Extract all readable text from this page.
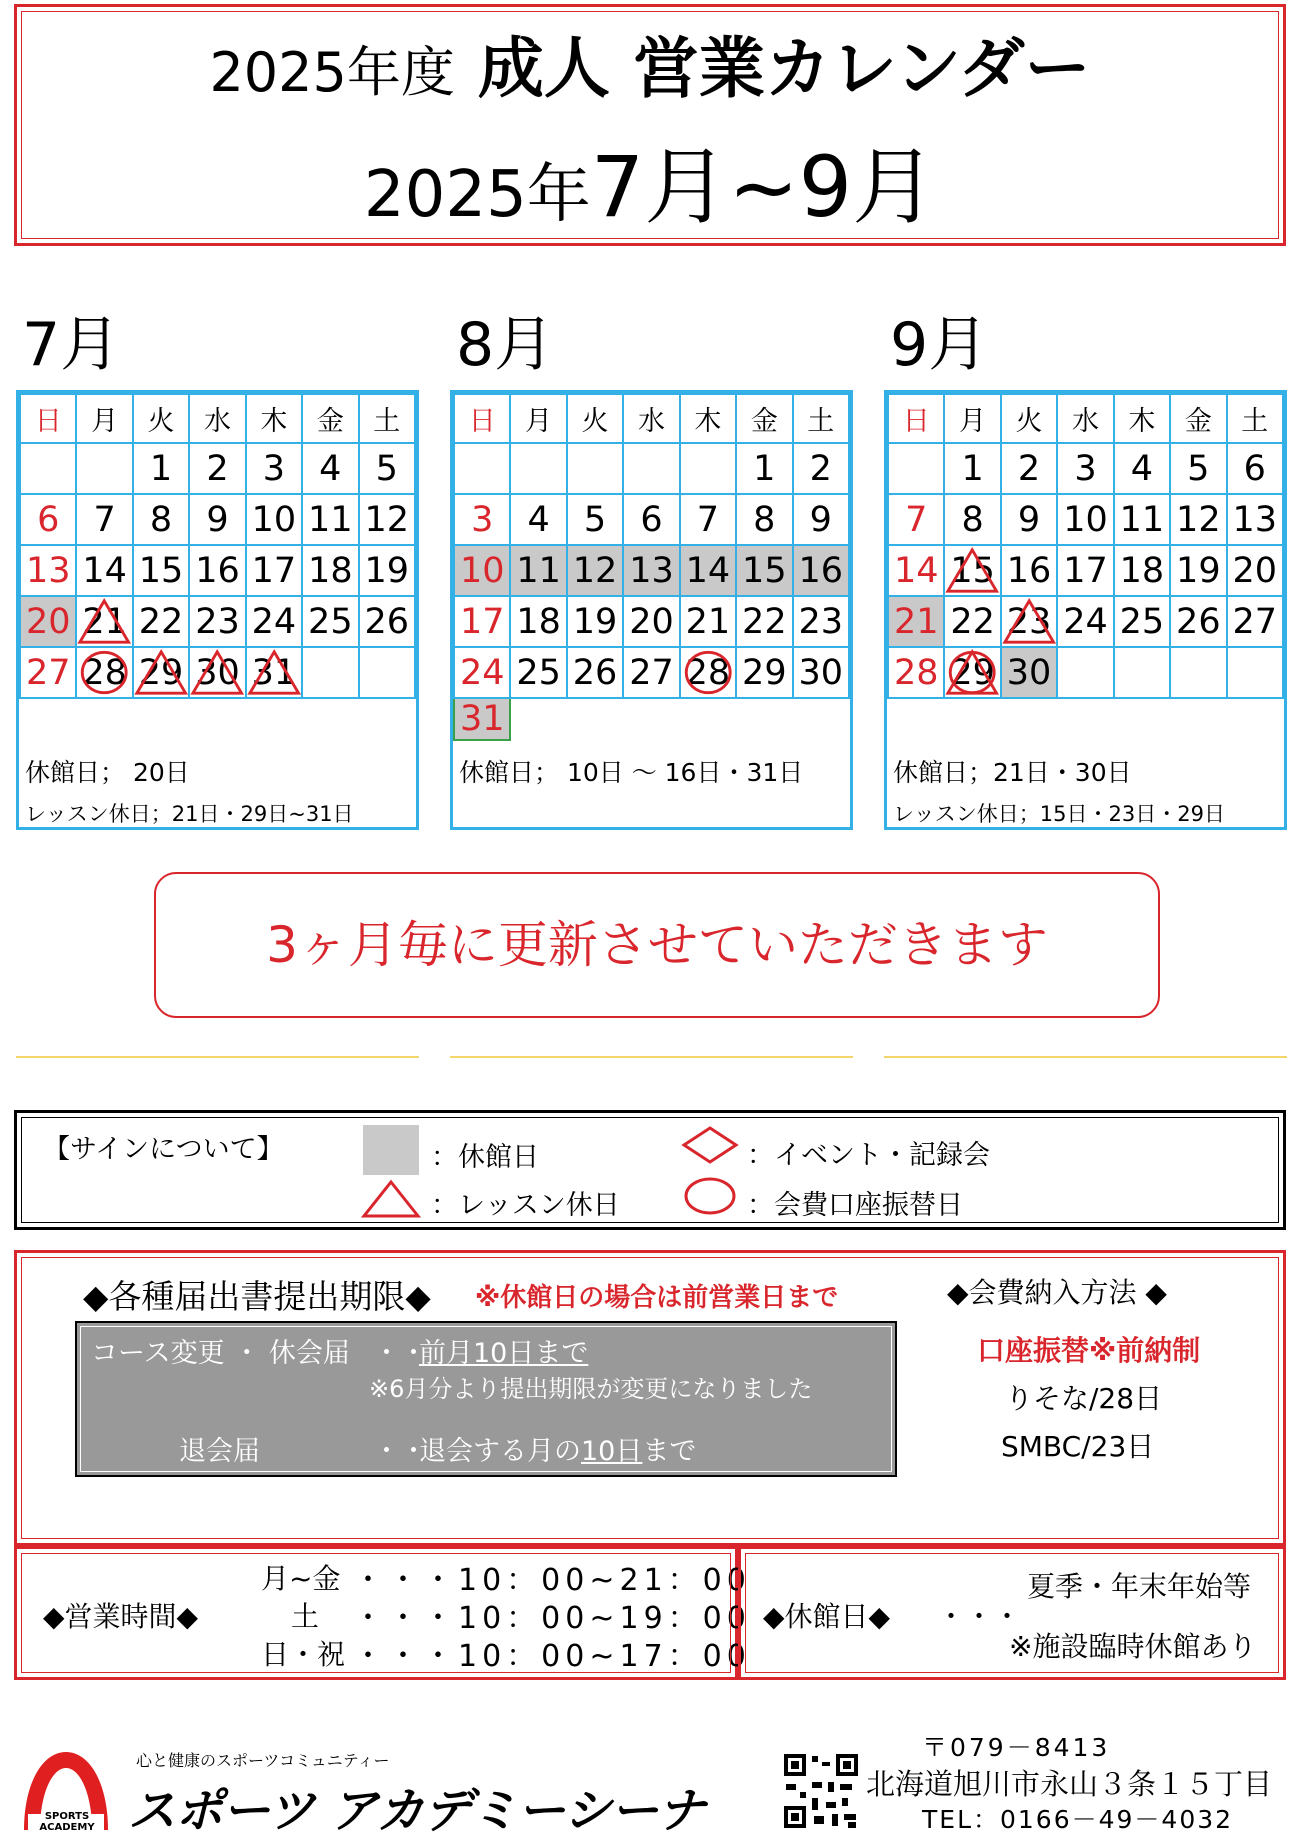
2025年度 成人 営業カレンダー
2025年7月~9月
7月	8月	9月
日	月	火	水	木	金	土
		1	2	3	4	5
6	7	8	9	10	11	12
13	14	15	16	17	18	19
20	21	22	23	24	25	26
27	28	29	30	31

休館日； 20日
レッスン休日；21日・29日~31日
日	月	火	水	木	金	土
					1	2
3	4	5	6	7	8	9
10	11	12	13	14	15	16
17	18	19	20	21	22	23
24	25	26	27	28	29	30
31						
休館日； 10日 ～ 16日・31日
日	月	火	水	木	金	土
	1	2	3	4	5	6
7	8	9	10	11	12	13
14	15	16	17	18	19	20
21	22	23	24	25	26	27
28	29	30				
休館日；21日・30日
レッスン休日；15日・23日・29日
3ヶ月毎に更新させていただきます
【サインについて】	：休館日
：レッスン休日
：イベント・記録会
：会費口座振替日
◆各種届出書提出期限◆ ※休館日の場合は前営業日まで
コース変更 ・ 休会届 ・・
前月10日まで
※6月分より提出期限が変更になりました
退会届	・・
退会する月の10日まで
◆会費納入方法 ◆
口座振替※前納制
りそな/28日
SMBC/23日
◆営業時間◆
月~金 ・・・10：00~21：00
土 ・・・10：00~19：00
日・祝 ・・・10：00~17：00
◆休館日◆ ・・・
夏季・年末年始等
※施設臨時休館あり
SPORTS ACADEMY
心と健康のスポーツコミュニティー
スポーツ アカデミーシーナ
〒079－8413
北海道旭川市永山３条１５丁目
TEL：0166－49－4032
